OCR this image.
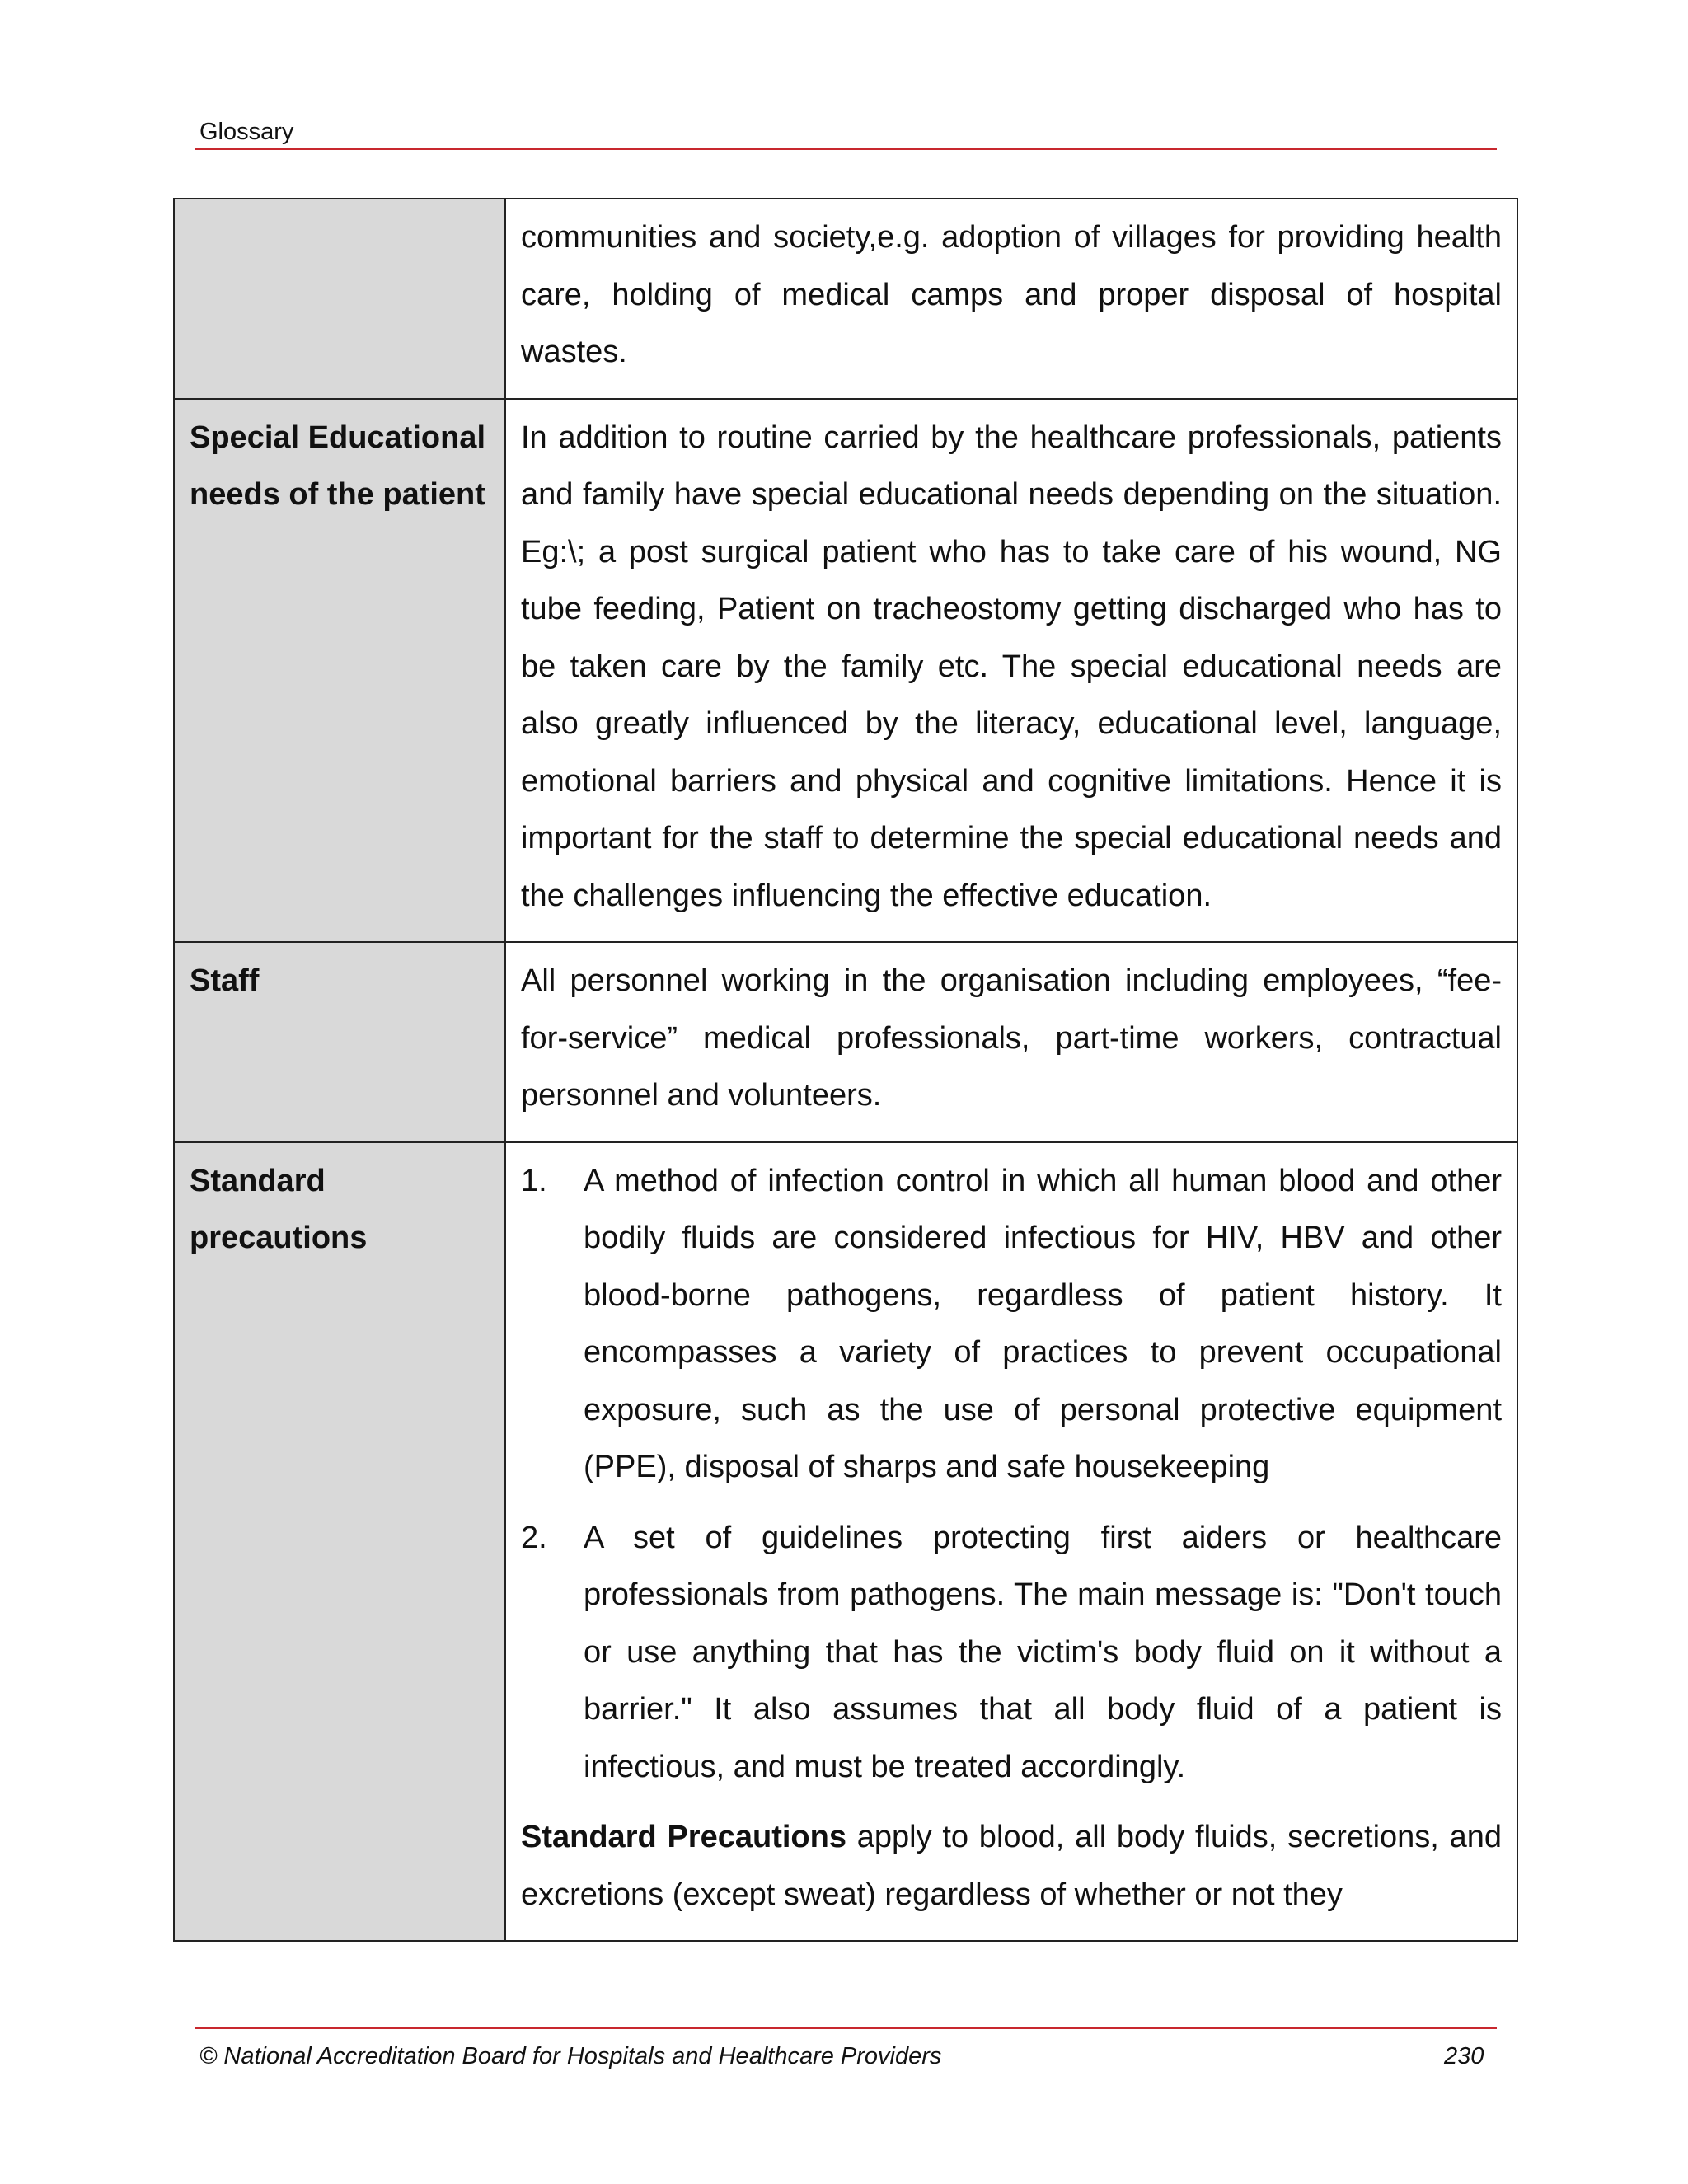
Glossary

	communities and society,e.g. adoption of villages for providing health care, holding of medical camps and proper disposal of hospital wastes.

Special Educational needs of the patient	In addition to routine carried by the healthcare professionals, patients and family have special educational needs depending on the situation. Eg:\; a post surgical patient who has to take care of his wound, NG tube feeding, Patient on tracheostomy getting discharged who has to be taken care by the family etc. The special educational needs are also greatly influenced by the literacy, educational level, language, emotional barriers and physical and cognitive limitations. Hence it is important for the staff to determine the special educational needs and the challenges influencing the effective education.

Staff	All personnel working in the organisation including employees, “fee-for-service” medical professionals, part-time workers, contractual personnel and volunteers.

Standard precautions	1. A method of infection control in which all human blood and other bodily fluids are considered infectious for HIV, HBV and other blood-borne pathogens, regardless of patient history. It encompasses a variety of practices to prevent occupational exposure, such as the use of personal protective equipment (PPE), disposal of sharps and safe housekeeping
2. A set of guidelines protecting first aiders or healthcare professionals from pathogens. The main message is: "Don't touch or use anything that has the victim's body fluid on it without a barrier." It also assumes that all body fluid of a patient is infectious, and must be treated accordingly.
Standard Precautions apply to blood, all body fluids, secretions, and excretions (except sweat) regardless of whether or not they
© National Accreditation Board for Hospitals and Healthcare Providers	230
